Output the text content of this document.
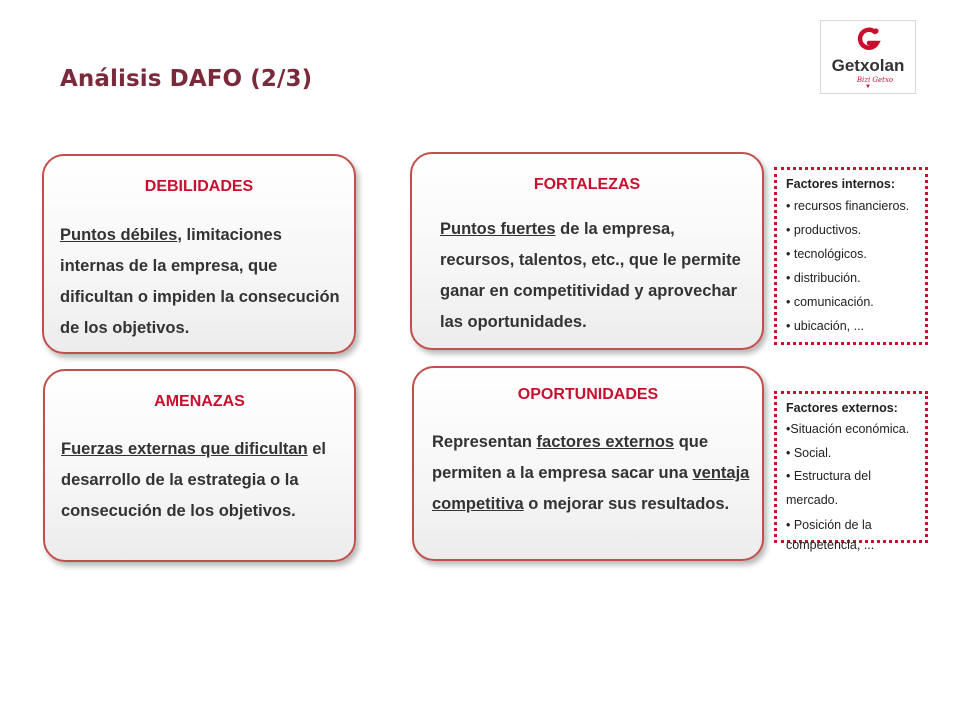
Análisis DAFO (2/3)
Getxolan
Bizi Getxo
▼
DEBILIDADES

Puntos débiles, limitaciones internas de la empresa, que dificultan o impiden la consecución de los objetivos.

FORTALEZAS

Puntos fuertes de la empresa, recursos, talentos, etc., que le permite ganar en competitividad y aprovechar las oportunidades.

AMENAZAS

Fuerzas externas que dificultan el desarrollo de la estrategia o la consecución de los objetivos.

OPORTUNIDADES

Representan factores externos que permiten a la empresa sacar una ventaja competitiva o mejorar sus resultados.

Factores internos:

• recursos financieros.
• productivos.
• tecnológicos.
• distribución.
• comunicación.
• ubicación, ...

Factores externos:

•Situación económica.
• Social.
• Estructura del mercado.
• Posición de la competencia, ...
